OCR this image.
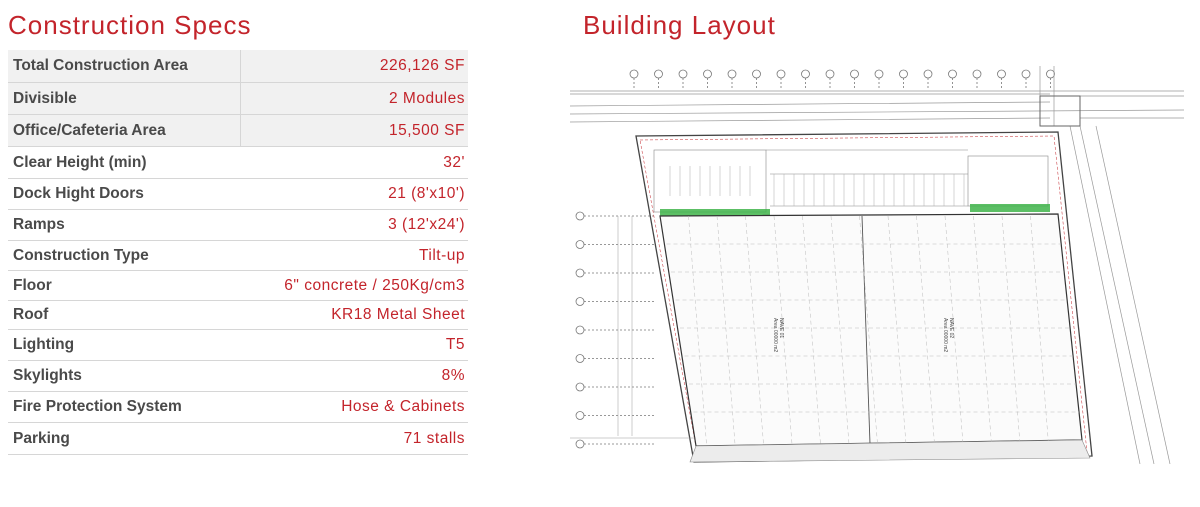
Construction Specs	Building Layout
Total Construction Area	226,126 SF
Divisible	2 Modules
Office/Cafeteria Area	15,500 SF
Clear Height (min)	32'
Dock Hight Doors	21 (8'x10')
Ramps	3 (12'x24')
Construction Type	Tilt-up
Floor	6" concrete / 250Kg/cm3
Roof	KR18 Metal Sheet
Lighting	T5
Skylights	8%
Fire Protection System	Hose & Cabinets
Parking	71 stalls
NAVE 01
Area 00000 m2	NAVE 02
Area 00000 m2
